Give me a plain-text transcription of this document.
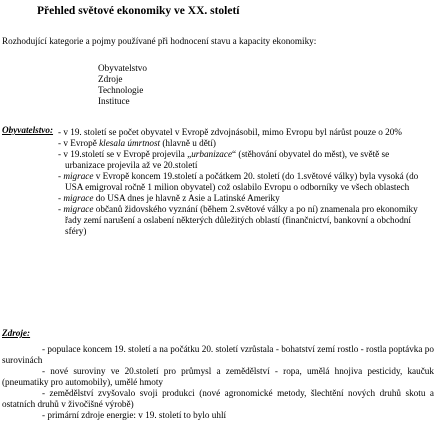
Přehled světové ekonomiky ve XX. století
Rozhodující kategorie a pojmy používané při hodnocení stavu a kapacity ekonomiky:
Obyvatelstvo
Zdroje
Technologie
Instituce
Obyvatelstvo: - v 19. století se počet obyvatel v Evropě zdvojnásobil, mimo Evropu byl nárůst pouze o 20%
- v Evropě klesala úmrtnost (hlavně u dětí)
- v 19.století se v Evropě projevila „urbanizace“ (stěhování obyvatel do měst), ve světě se urbanizace projevila až ve 20.století
- migrace v Evropě koncem 19.století a počátkem 20. století (do 1.světové války) byla vysoká (do USA emigroval ročně 1 milion obyvatel) což oslabilo Evropu o odborníky ve všech oblastech
- migrace do USA dnes je hlavně z Asie a Latinské Ameriky
- migrace občanů židovského vyznání (během 2.světové války a po ní) znamenala pro ekonomiky řady zemí narušení a oslabení některých důležitých oblastí (finančnictví, bankovní a obchodní sféry)
Zdroje:
- populace koncem 19. století a na počátku 20. století vzrůstala - bohatství zemí rostlo - rostla poptávka po surovinách
- nové suroviny ve 20.století pro průmysl a zemědělství - ropa, umělá hnojiva pesticidy, kaučuk (pneumatiky pro automobily), umělé hmoty
- zemědělství zvyšovalo svoji produkci (nové agronomické metody, šlechtění nových druhů skotu a ostatních druhů v živočišné výrobě)
- primární zdroje energie: v 19. století to bylo uhlí
